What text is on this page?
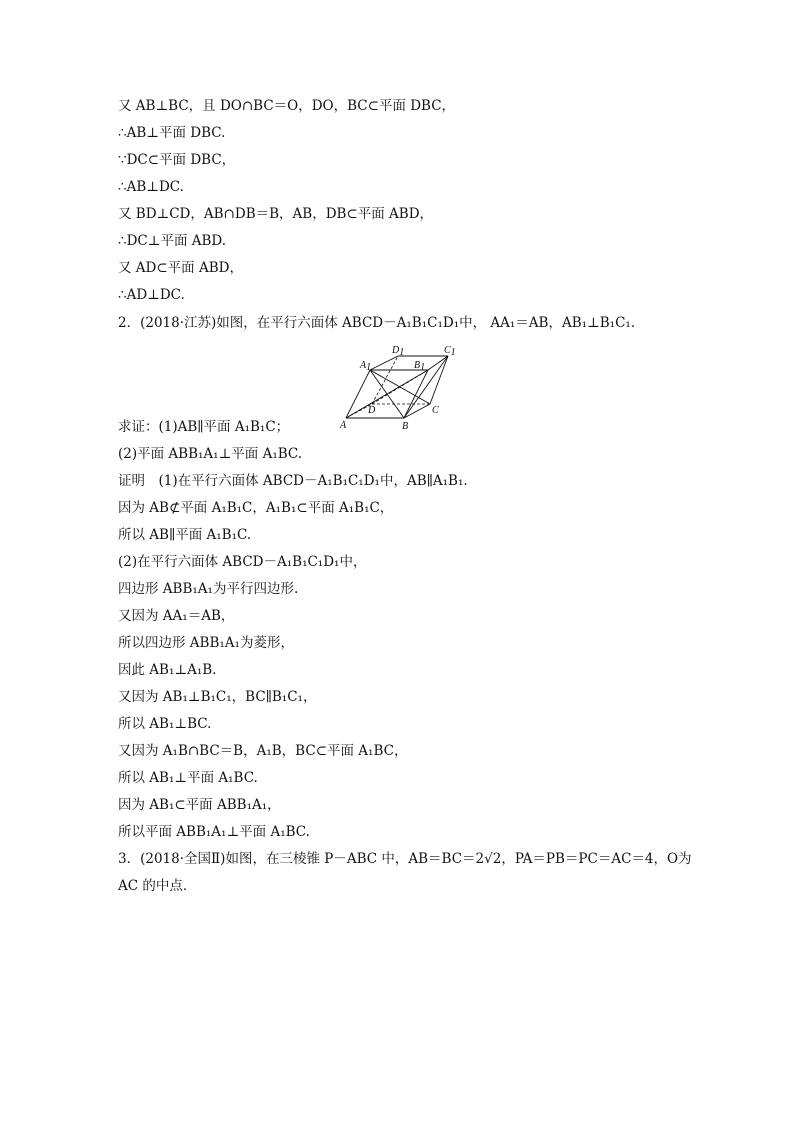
又 AB⊥BC，且 DO∩BC＝O，DO，BC⊂平面 DBC，
∴AB⊥平面 DBC.
∵DC⊂平面 DBC，
∴AB⊥DC.
又 BD⊥CD，AB∩DB＝B，AB，DB⊂平面 ABD，
∴DC⊥平面 ABD.
又 AD⊂平面 ABD，
∴AD⊥DC.
2．(2018·江苏)如图，在平行六面体 ABCD－A₁B₁C₁D₁中， AA₁＝AB，AB₁⊥B₁C₁.
A1
D1
B1
C1
D	C
A	B
求证：(1)AB∥平面 A₁B₁C；
(2)平面 ABB₁A₁⊥平面 A₁BC.
证明　(1)在平行六面体 ABCD－A₁B₁C₁D₁中，AB∥A₁B₁.
因为 AB⊄平面 A₁B₁C，A₁B₁⊂平面 A₁B₁C，
所以 AB∥平面 A₁B₁C.
(2)在平行六面体 ABCD－A₁B₁C₁D₁中，
四边形 ABB₁A₁为平行四边形.
又因为 AA₁＝AB，
所以四边形 ABB₁A₁为菱形，
因此 AB₁⊥A₁B.
又因为 AB₁⊥B₁C₁，BC∥B₁C₁，
所以 AB₁⊥BC.
又因为 A₁B∩BC＝B，A₁B，BC⊂平面 A₁BC，
所以 AB₁⊥平面 A₁BC.
因为 AB₁⊂平面 ABB₁A₁，
所以平面 ABB₁A₁⊥平面 A₁BC.
3．(2018·全国Ⅱ)如图，在三棱锥 P－ABC 中，AB＝BC＝2√2，PA＝PB＝PC＝AC＝4，O为
AC 的中点．
